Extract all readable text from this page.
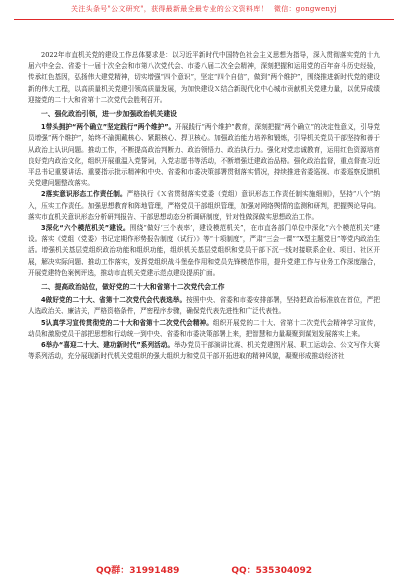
关注头条号"公文研究"，获得最新最全最专业的公文资料库！ 微信：gongwenyj

2022年市直机关党的建设工作总体要求是：以习近平新时代中国特色社会主义思想为指导，深入贯彻落实党的十九届六中全会、省委十一届十次全会和市第八次党代会、市委八届二次全会精神，深刻把握和运用党的百年奋斗历史经验，传承红色基因，弘扬伟大建党精神，切实增强“四个意识”，坚定“四个自信”，做到“两个维护”，围绕推进新时代党的建设新的伟大工程，以高质量机关党建引领高质量发展，为加快建设Ｘ结合新现代化中心城市贡献机关党建力量，以优异成绩迎接党的二十大和省第十二次党代会胜利召开。

一、强化政治引领，进一步加强政治机关建设

1带头拥护“两个确立”坚定践行“两个维护”。开展践行“两个维护”教育，深刻把握“两个确立”的决定性意义，引导党员增强“两个维护”，始终不渝拥戴核心、紧跟核心、捍卫核心。加强政治能力培养和锻炼，引导机关党员干部坚持和善于从政治上认识问题。推动工作，不断提高政治判断力、政治领悟力、政治执行力。强化对党忠诚教育，运用红色资源培育良好党内政治文化，组织开展重温入党誓词，入党志愿书等活动，不断增强迁建政治品格。强化政治监督，重点督查习近平总书记重要讲话、重要指示批示精神和中央、省委和市委决策部署贯彻落实情况，持续推进省委巡视、市委巡察反馈机关党建问题整改落实。

2落实意识形态工作责任制。严格执行《Ｘ省贯彻落实党委（党组）意识形态工作责任制实施细则》，坚持“八个”纳入，压实工作责任。加强思想教育和阵地管理，严格党员干部组织管理，加强对网络舆情的监测和研判，把握舆论导向。落实市直机关意识形态分析研判报告、干部思想动态分析调研制度，针对性做深做实思想政治工作。

3深化“六个模范机关”建设。围绕“做好‘三个表率’，建设模范机关”，在市直各部门单位中深化“六个模范机关”建设。落实《党组（党委）书记定期作形势报告制度（试行）》等“十项制度”，严肃“三会一课”“X型主题党日”等党内政治生活。增强机关基层党组织政治功能和组织功能，组织机关基层党组织和党员干部下沉一线对接联系企业、项目、社区开展，解决实际问题、推动工作落实，发挥党组织战斗堡垒作用和党员先锋模范作用，提升党建工作与业务工作深度融合，开展党建特色案例评选，推动市直机关党建示范点建设提质扩面。

二、提高政治站位，做好党的二十大和省第十二次党代会工作

4做好党的二十大、省第十二次党代会代表选举。按照中央、省委和市委安排部署，坚持把政治标准放在首位，严把人选政治关、廉洁关，严格资格条件，严密程序步骤，确保党代表先进性和广泛代表性。

5认真学习宣传贯彻党的二十大和省第十二次党代会精神。组织开展党的二十大、省第十二次党代会精神学习宣传，动员和激励党员干部把思想和行动统一到中央、省委和市委决策部署上来，把智慧和力量凝聚到谋划发展落实上来。

6举办“喜迎二十大、建功新时代”系列活动。举办党员干部演讲比赛、机关党建图片展、职工运动会、公文写作大赛等系列活动，充分展现新时代机关党组织的强大组织力和党员干部开拓进取的精神风貌，凝聚形成推动经济社

QQ群：31991489	QQ：535304092
